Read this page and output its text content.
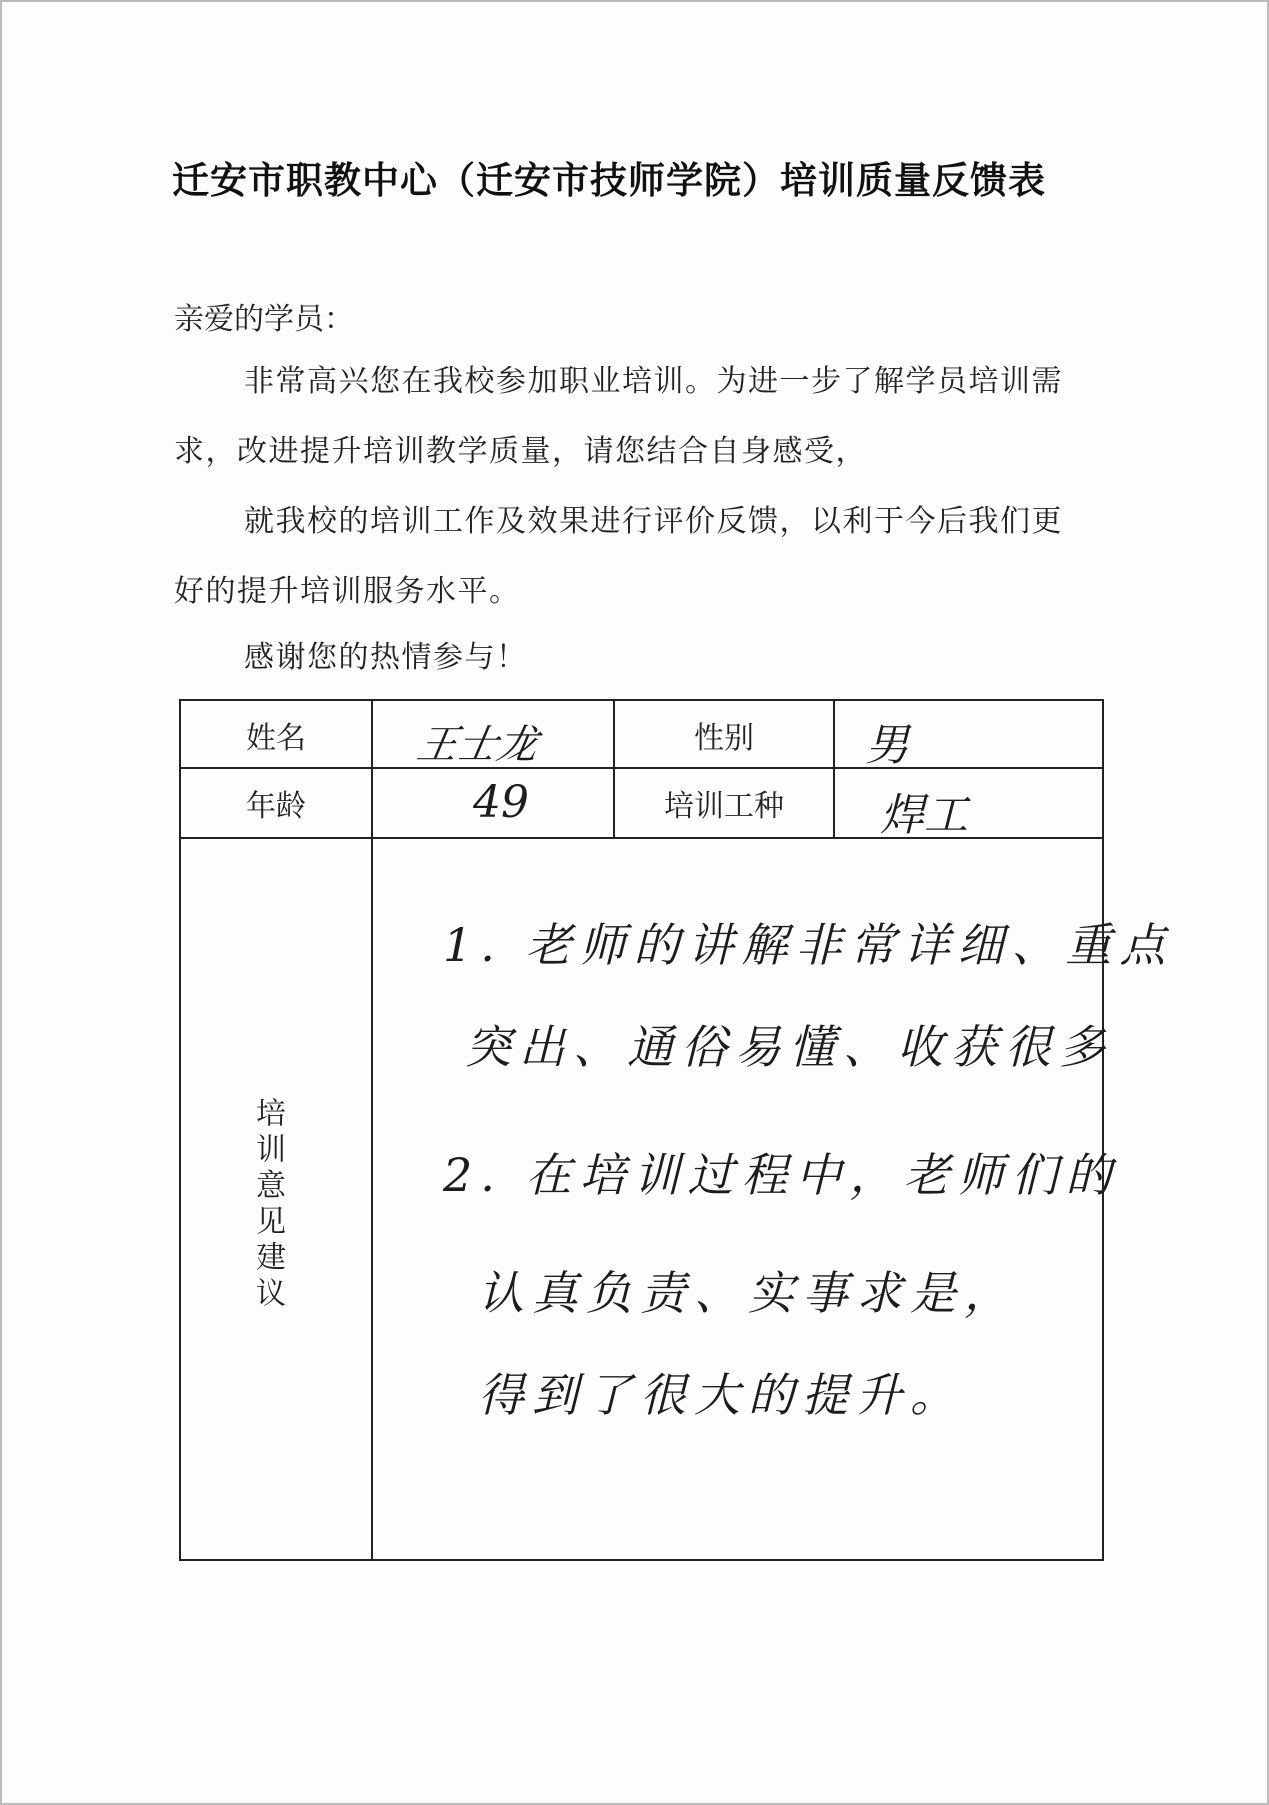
迁安市职教中心（迁安市技师学院）培训质量反馈表
亲爱的学员：
非常高兴您在我校参加职业培训。为进一步了解学员培训需求，改进提升培训教学质量，请您结合自身感受，
就我校的培训工作及效果进行评价反馈，以利于今后我们更好的提升培训服务水平。
感谢您的热情参与！
姓名	王士龙	性别	男

年龄	49	培训工种	焊工

培训意见建议	1. 老师的讲解非常详细、重点
突出、通俗易懂、收获很多
2. 在培训过程中，老师们的
认真负责、实事求是，
得到了很大的提升。		
